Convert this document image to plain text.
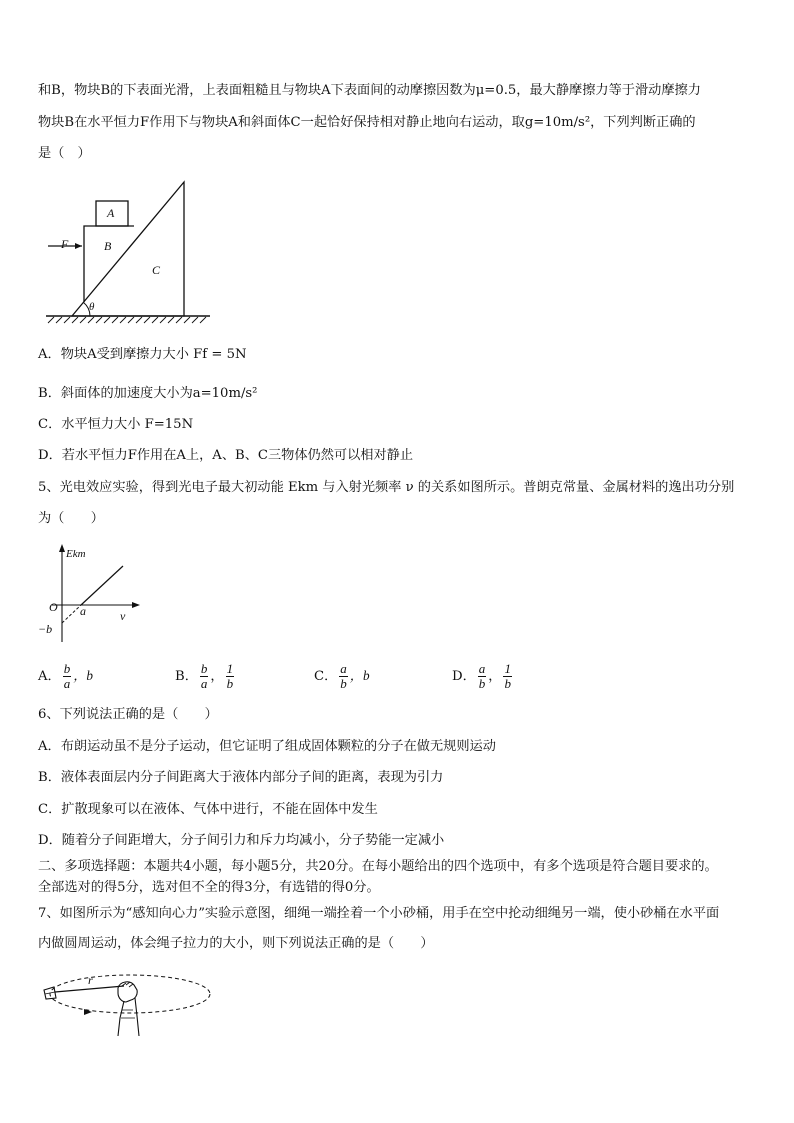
和B，物块B的下表面光滑，上表面粗糙且与物块A下表面间的动摩擦因数为μ=0.5，最大静摩擦力等于滑动摩擦力
物块B在水平恒力F作用下与物块A和斜面体C一起恰好保持相对静止地向右运动，取g=10m/s²，下列判断正确的
是（　）
A
B
C
F
θ
A．物块A受到摩擦力大小 Ff = 5N
B．斜面体的加速度大小为a=10m/s²
C．水平恒力大小 F=15N
D．若水平恒力F作用在A上，A、B、C三物体仍然可以相对静止
5、光电效应实验，得到光电子最大初动能 Ekm 与入射光频率 ν 的关系如图所示。普朗克常量、金属材料的逸出功分别
为（　　）
Ekm
O a	ν
−b
A． $\frac{b}{a}$ ，b	B． $\frac{b}{a}$ ， $\frac{1}{b}$	C． $\frac{a}{b}$ ，b	D． $\frac{a}{b}$ ， $\frac{1}{b}$
6、下列说法正确的是（　　）
A．布朗运动虽不是分子运动，但它证明了组成固体颗粒的分子在做无规则运动
B．液体表面层内分子间距离大于液体内部分子间的距离，表现为引力
C．扩散现象可以在液体、气体中进行，不能在固体中发生
D．随着分子间距增大，分子间引力和斥力均减小，分子势能一定减小
二、多项选择题：本题共4小题，每小题5分，共20分。在每小题给出的四个选项中，有多个选项是符合题目要求的。
全部选对的得5分，选对但不全的得3分，有选错的得0分。
7、如图所示为“感知向心力”实验示意图，细绳一端拴着一个小砂桶，用手在空中抡动细绳另一端，使小砂桶在水平面
内做圆周运动，体会绳子拉力的大小，则下列说法正确的是（　　）
r
